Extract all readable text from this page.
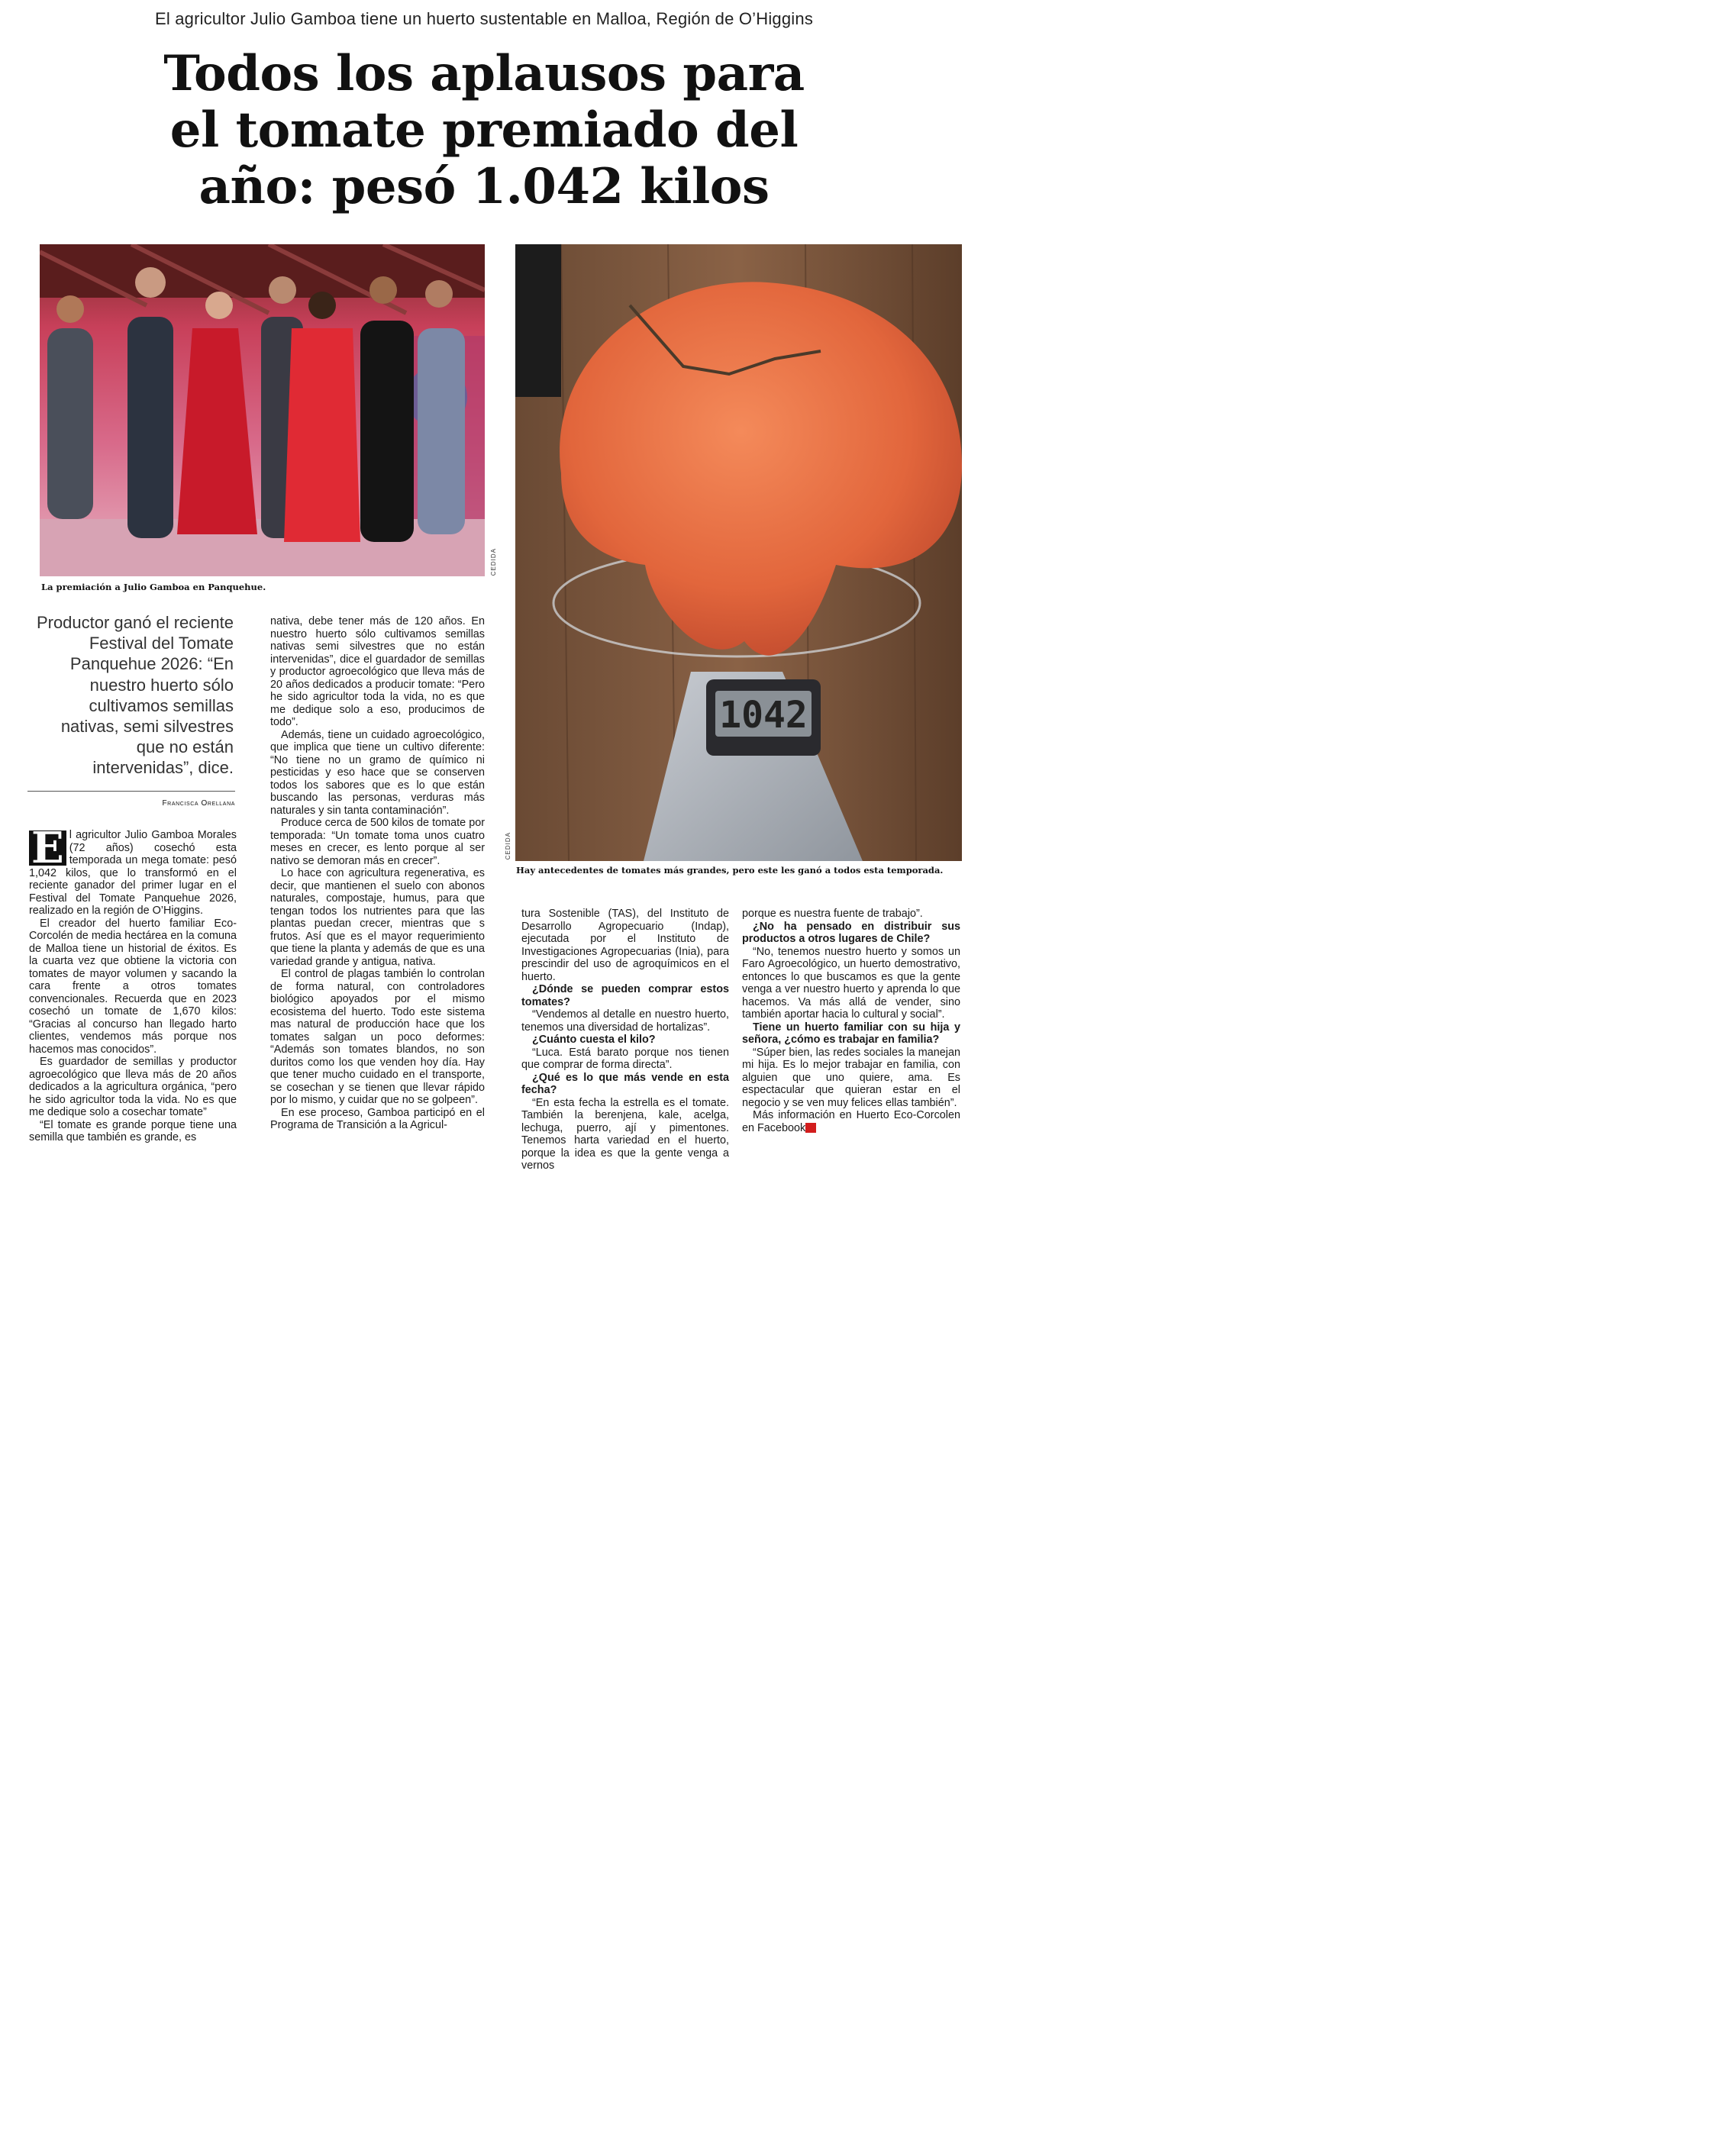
El agricultor Julio Gamboa tiene un huerto sustentable en Malloa, Región de O’Higgins
Todos los aplausos para
el tomate premiado del
año: pesó 1.042 kilos
CEDIDA
La premiación a Julio Gamboa en Panquehue.
1042
CEDIDA
Hay antecedentes de tomates más grandes, pero este les ganó a todos esta temporada.
Productor ganó el reciente Festival del Tomate Panquehue 2026: “En nuestro huerto sólo cultivamos semillas nativas, semi silvestres que no están intervenidas”, dice.
Francisca Orellana

E l agricultor Julio Gamboa Morales (72 años) cosechó esta temporada un mega tomate: pesó 1,042 kilos, que lo transformó en el reciente ganador del primer lugar en el Festival del Tomate Panquehue 2026, realizado en la región de O’Higgins.

El creador del huerto familiar Eco-Corcolén de media hectárea en la comuna de Malloa tiene un historial de éxitos. Es la cuarta vez que obtiene la victoria con tomates de mayor volumen y sacando la cara frente a otros tomates convencionales. Recuerda que en 2023 cosechó un tomate de 1,670 kilos: “Gracias al concurso han llegado harto clientes, vendemos más porque nos hacemos mas conocidos”.

Es guardador de semillas y productor agroecológico que lleva más de 20 años dedicados a la agricultura orgánica, “pero he sido agricultor toda la vida. No es que me dedique solo a cosechar tomate”

“El tomate es grande porque tiene una semilla que también es grande, es

nativa, debe tener más de 120 años. En nuestro huerto sólo cultivamos semillas nativas semi silvestres que no están intervenidas”, dice el guardador de semillas y productor agroecológico que lleva más de 20 años dedicados a producir tomate: “Pero he sido agricultor toda la vida, no es que me dedique solo a eso, producimos de todo”.

Además, tiene un cuidado agroecológico, que implica que tiene un cultivo diferente: “No tiene no un gramo de químico ni pesticidas y eso hace que se conserven todos los sabores que es lo que están buscando las personas, verduras más naturales y sin tanta contaminación”.

Produce cerca de 500 kilos de tomate por temporada: “Un tomate toma unos cuatro meses en crecer, es lento porque al ser nativo se demoran más en crecer”.

Lo hace con agricultura regenerativa, es decir, que mantienen el suelo con abonos naturales, compostaje, humus, para que tengan todos los nutrientes para que las plantas puedan crecer, mientras que s frutos. Así que es el mayor requerimiento que tiene la planta y además de que es una variedad grande y antigua, nativa.

El control de plagas también lo controlan de forma natural, con controladores biológico apoyados por el mismo ecosistema del huerto. Todo este sistema mas natural de producción hace que los tomates salgan un poco deformes: “Además son tomates blandos, no son duritos como los que venden hoy día. Hay que tener mucho cuidado en el transporte, se cosechan y se tienen que llevar rápido por lo mismo, y cuidar que no se golpeen”.

En ese proceso, Gamboa participó en el Programa de Transición a la Agricul-

tura Sostenible (TAS), del Instituto de Desarrollo Agropecuario (Indap), ejecutada por el Instituto de Investigaciones Agropecuarias (Inia), para prescindir del uso de agroquímicos en el huerto.

¿Dónde se pueden comprar estos tomates?

“Vendemos al detalle en nuestro huerto, tenemos una diversidad de hortalizas”.

¿Cuánto cuesta el kilo?

“Luca. Está barato porque nos tienen que comprar de forma directa”.

¿Qué es lo que más vende en esta fecha?

“En esta fecha la estrella es el tomate. También la berenjena, kale, acelga, lechuga, puerro, ají y pimentones. Tenemos harta variedad en el huerto, porque la idea es que la gente venga a vernos

porque es nuestra fuente de trabajo”.

¿No ha pensado en distribuir sus productos a otros lugares de Chile?

“No, tenemos nuestro huerto y somos un Faro Agroecológico, un huerto demostrativo, entonces lo que buscamos es que la gente venga a ver nuestro huerto y aprenda lo que hacemos. Va más allá de vender, sino también aportar hacia lo cultural y social”.

Tiene un huerto familiar con su hija y señora, ¿cómo es trabajar en familia?

“Súper bien, las redes sociales la manejan mi hija. Es lo mejor trabajar en familia, con alguien que uno quiere, ama. Es espectacular que quieran estar en el negocio y se ven muy felices ellas también”.

Más información en Huerto Eco-Corcolen en Facebook M
